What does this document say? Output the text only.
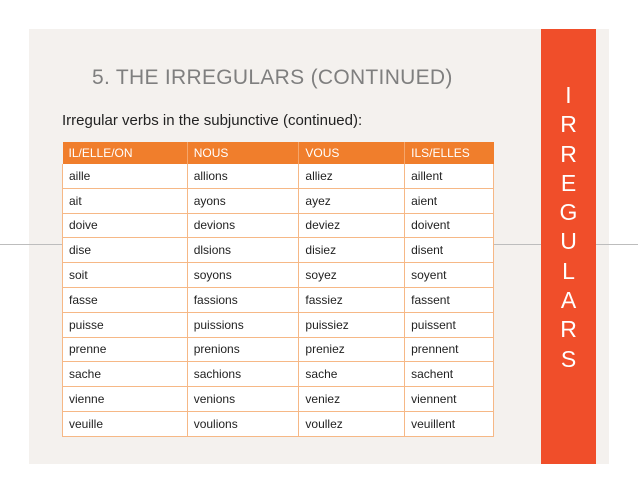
5. THE IRREGULARS (CONTINUED)
Irregular verbs in the subjunctive (continued):
IL/ELLE/ON	NOUS	VOUS	ILS/ELLES
aille	allions	alliez	aillent
ait	ayons	ayez	aient
doive	devions	deviez	doivent
dise	dlsions	disiez	disent
soit	soyons	soyez	soyent
fasse	fassions	fassiez	fassent
puisse	puissions	puissiez	puissent
prenne	prenions	preniez	prennent
sache	sachions	sache	sachent
vienne	venions	veniez	viennent
veuille	voulions	voullez	veuillent
I
R
R
E
G
U
L
A
R
S
